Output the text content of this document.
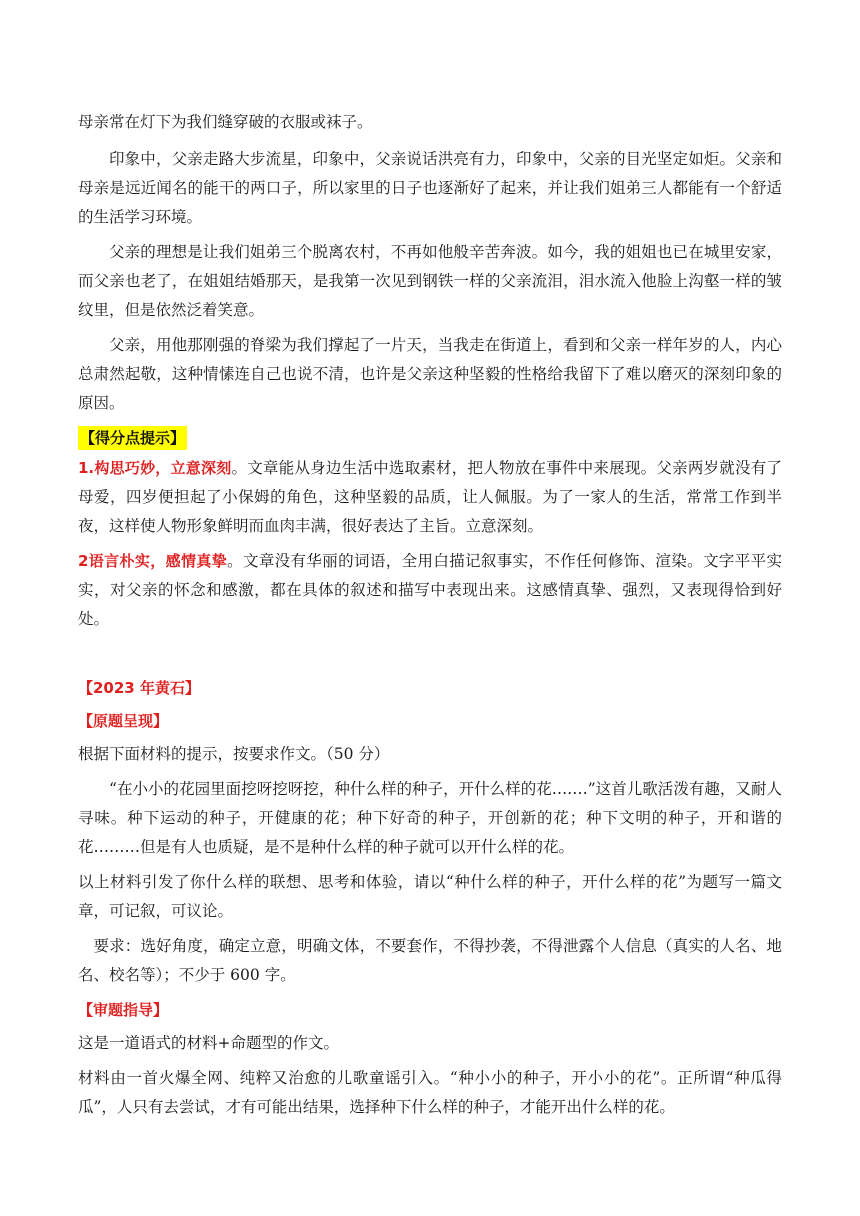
母亲常在灯下为我们缝穿破的衣服或袜子。

印象中，父亲走路大步流星，印象中，父亲说话洪亮有力，印象中，父亲的目光坚定如炬。父亲和母亲是远近闻名的能干的两口子，所以家里的日子也逐渐好了起来，并让我们姐弟三人都能有一个舒适的生活学习环境。

父亲的理想是让我们姐弟三个脱离农村，不再如他般辛苦奔波。如今，我的姐姐也已在城里安家，而父亲也老了，在姐姐结婚那天，是我第一次见到钢铁一样的父亲流泪，泪水流入他脸上沟壑一样的皱纹里，但是依然泛着笑意。

父亲，用他那刚强的脊梁为我们撑起了一片天，当我走在街道上，看到和父亲一样年岁的人，内心总肃然起敬，这种情愫连自己也说不清，也许是父亲这种坚毅的性格给我留下了难以磨灭的深刻印象的原因。

【得分点提示】

1.构思巧妙，立意深刻。文章能从身边生活中选取素材，把人物放在事件中来展现。父亲两岁就没有了母爱，四岁便担起了小保姆的角色，这种坚毅的品质，让人佩服。为了一家人的生活，常常工作到半夜，这样使人物形象鲜明而血肉丰满，很好表达了主旨。立意深刻。

2语言朴实，感情真挚。文章没有华丽的词语，全用白描记叙事实，不作任何修饰、渲染。文字平平实实，对父亲的怀念和感激，都在具体的叙述和描写中表现出来。这感情真挚、强烈，又表现得恰到好处。

【2023 年黄石】
【原题呈现】

根据下面材料的提示，按要求作文。（50 分）

“在小小的花园里面挖呀挖呀挖，种什么样的种子，开什么样的花….…”这首儿歌活泼有趣，又耐人寻味。种下运动的种子，开健康的花；种下好奇的种子，开创新的花；种下文明的种子，开和谐的花………但是有人也质疑，是不是种什么样的种子就可以开什么样的花。

以上材料引发了你什么样的联想、思考和体验，请以“种什么样的种子，开什么样的花”为题写一篇文章，可记叙，可议论。

要求：选好角度，确定立意，明确文体，不要套作，不得抄袭，不得泄露个人信息（真实的人名、地名、校名等）；不少于 600 字。

【审题指导】

这是一道语式的材料+命题型的作文。

材料由一首火爆全网、纯粹又治愈的儿歌童谣引入。“种小小的种子，开小小的花”。正所谓“种瓜得瓜”，人只有去尝试，才有可能出结果，选择种下什么样的种子，才能开出什么样的花。
